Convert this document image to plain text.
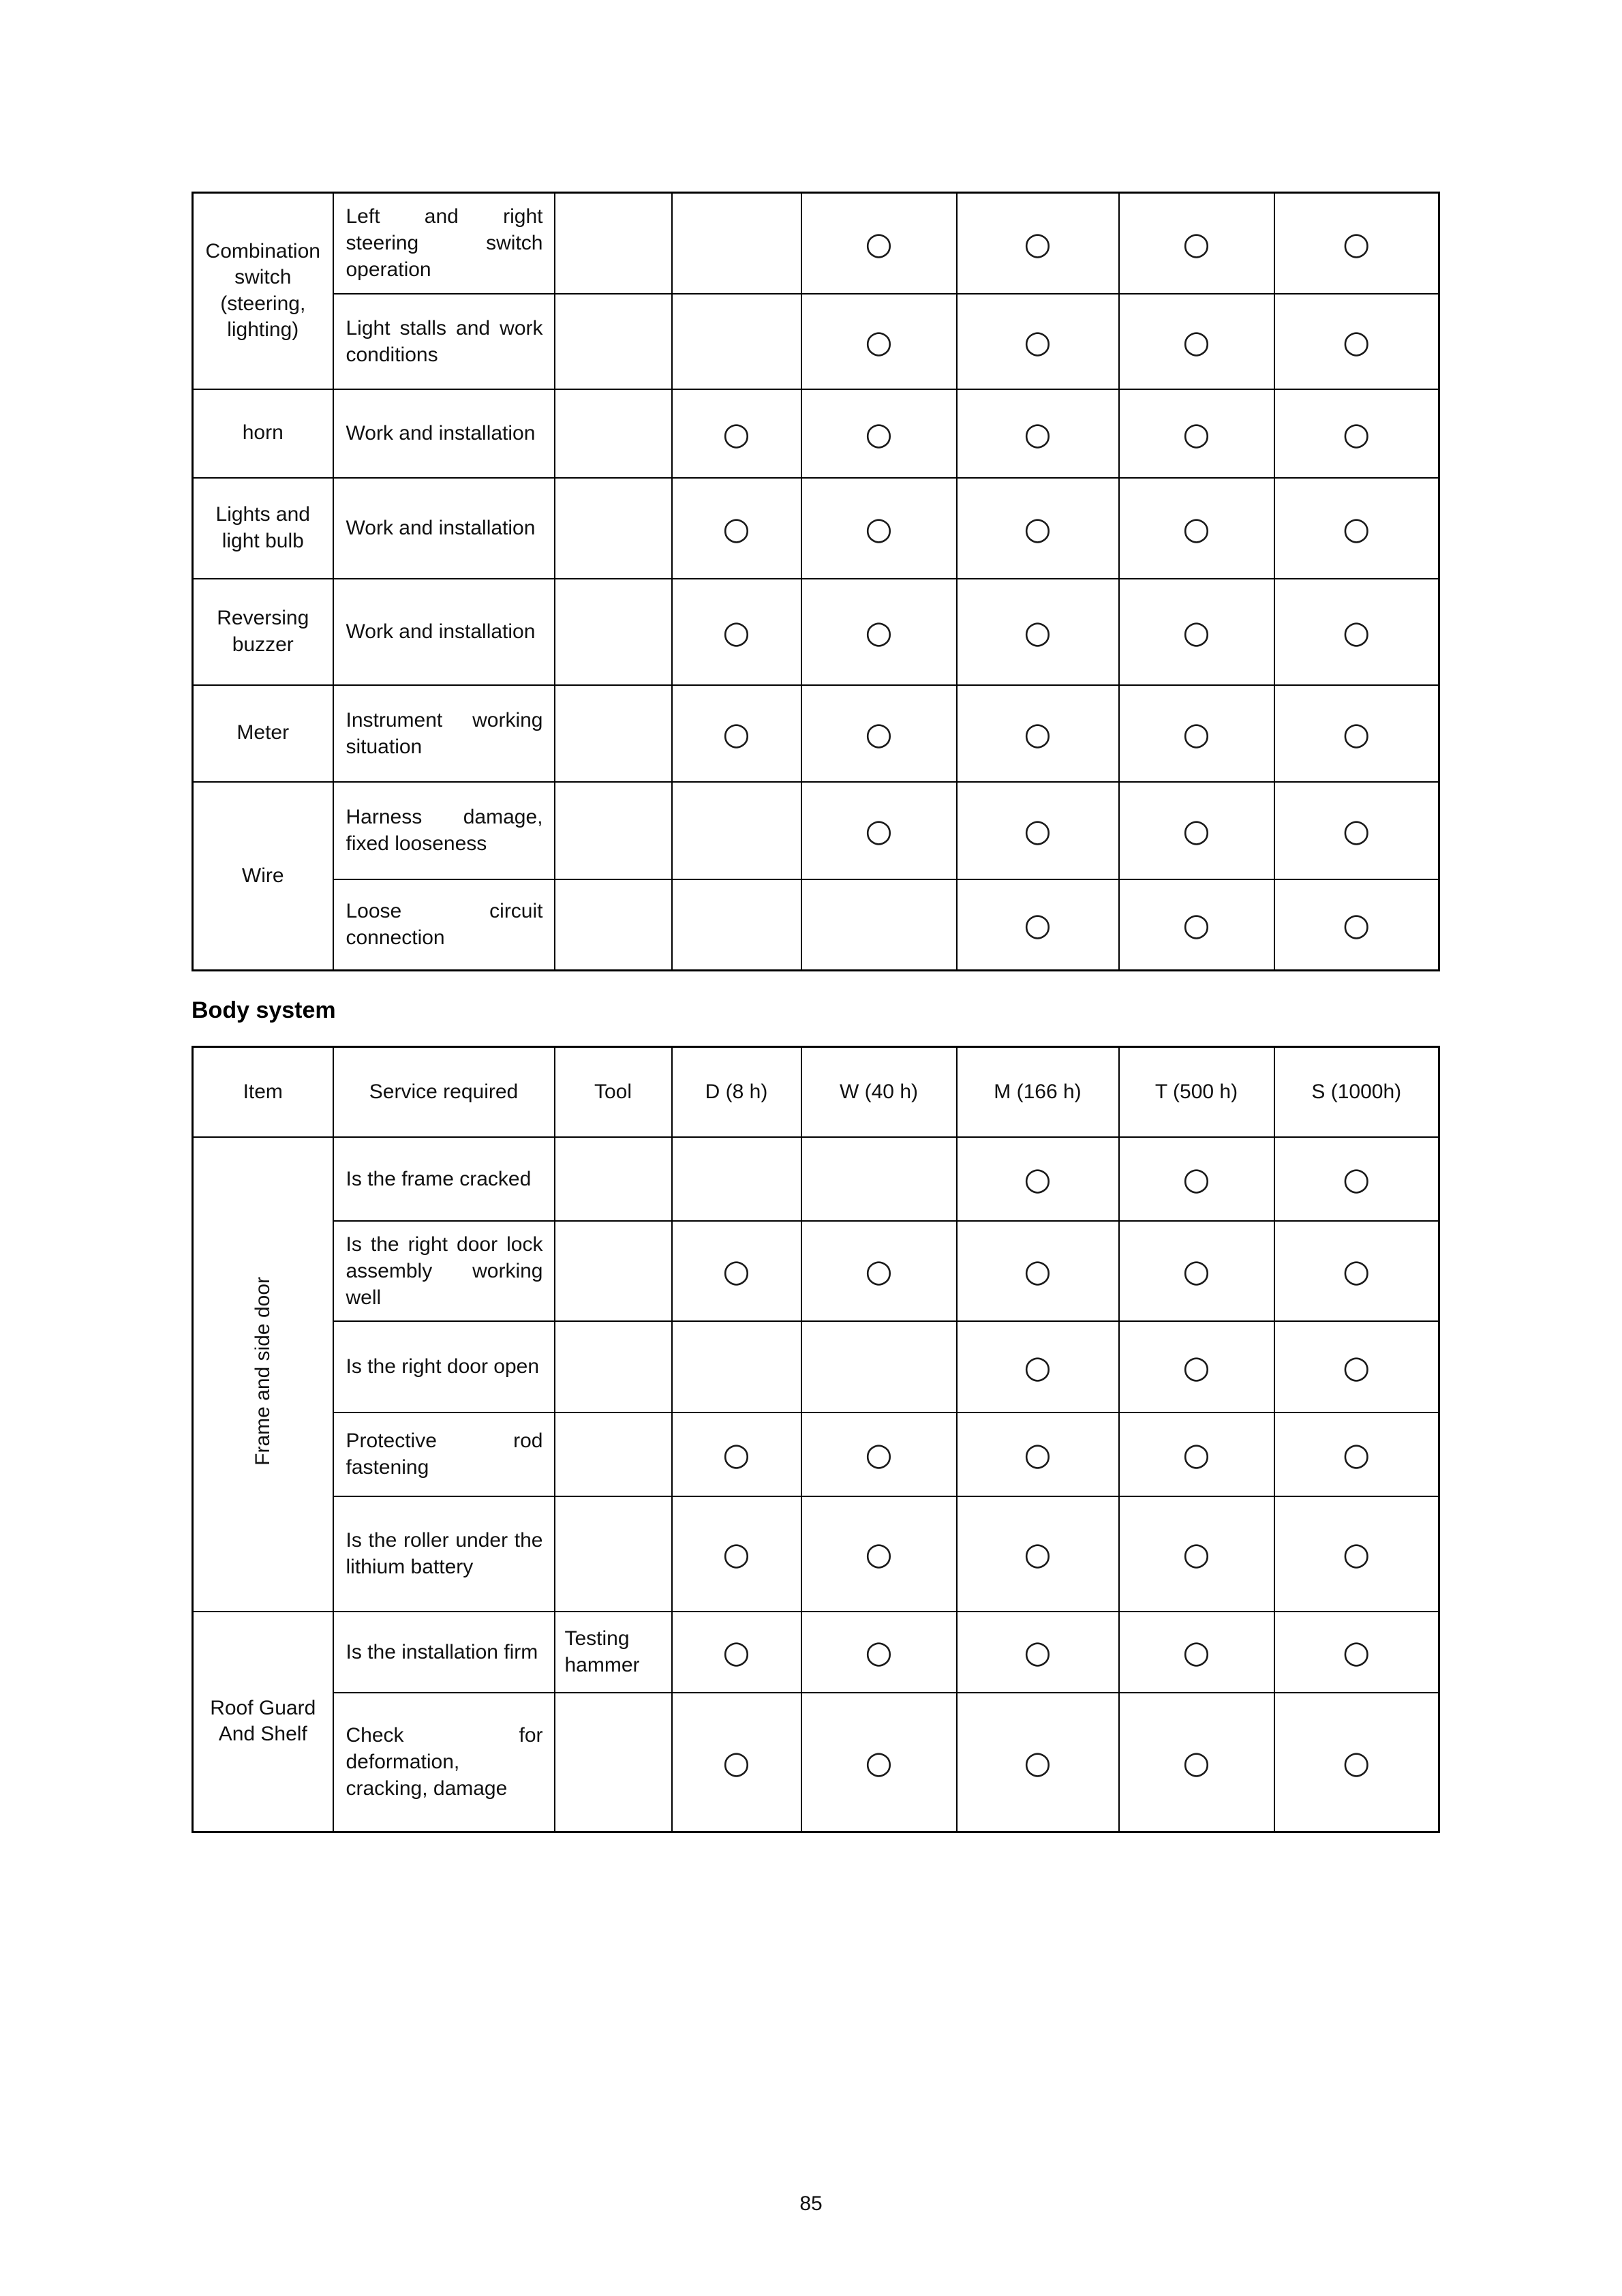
Combination switch (steering, lighting)	Left and right steering switch operation			○	○	○	○
	Light stalls and work conditions			○	○	○	○
horn	Work and installation		○	○	○	○	○
Lights and light bulb	Work and installation		○	○	○	○	○
Reversing buzzer	Work and installation		○	○	○	○	○
Meter	Instrument working situation		○	○	○	○	○
Wire	Harness damage, fixed looseness			○	○	○	○
	Loose circuit connection				○	○	○
Body system
Item	Service required	Tool	D (8 h)	W (40 h)	M (166 h)	T (500 h)	S (1000h)
Frame and side door	Is the frame cracked				○	○	○
	Is the right door lock assembly working well		○	○	○	○	○
	Is the right door open				○	○	○
	Protective rod fastening		○	○	○	○	○
	Is the roller under the lithium battery		○	○	○	○	○
Roof Guard And Shelf	Is the installation firm	Testing hammer	○	○	○	○	○
	Check for deformation, cracking, damage		○	○	○	○	○
85
